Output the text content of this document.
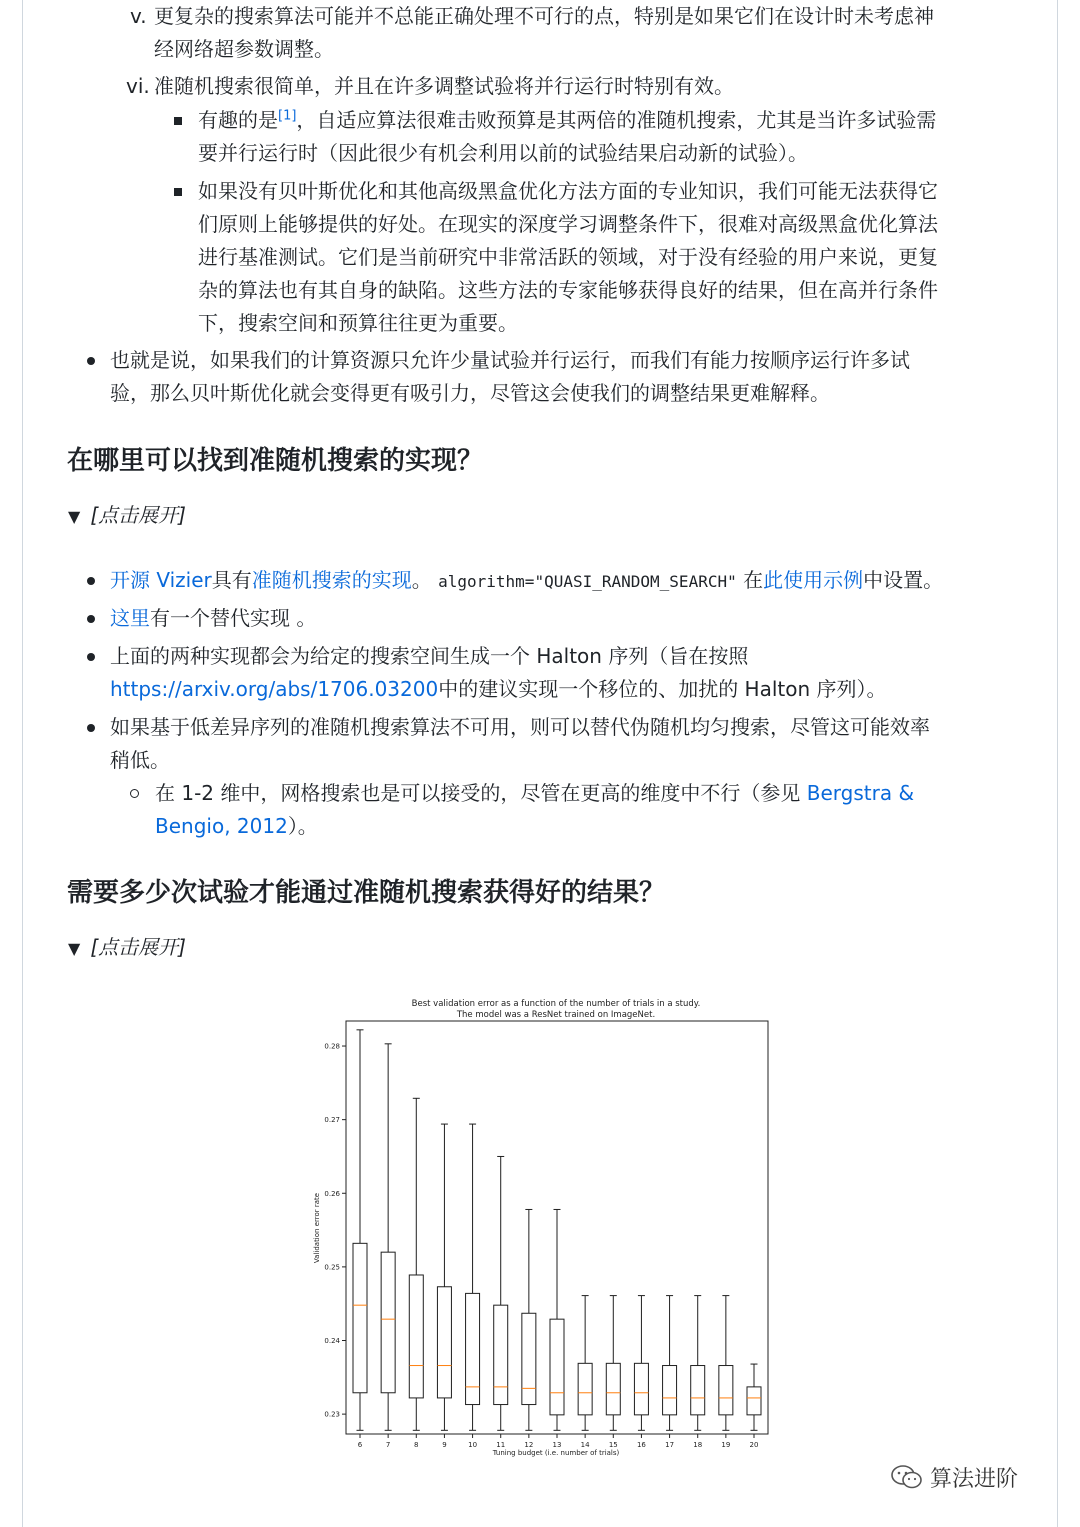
v. 更复杂的搜索算法可能并不总能正确处理不可行的点，特别是如果它们在设计时未考虑神
经网络超参数调整。
vi. 准随机搜索很简单，并且在许多调整试验将并行运行时特别有效。
有趣的是[1]，自适应算法很难击败预算是其两倍的准随机搜索，尤其是当许多试验需
要并行运行时（因此很少有机会利用以前的试验结果启动新的试验）。
如果没有贝叶斯优化和其他高级黑盒优化方法方面的专业知识，我们可能无法获得它
们原则上能够提供的好处。在现实的深度学习调整条件下，很难对高级黑盒优化算法
进行基准测试。它们是当前研究中非常活跃的领域，对于没有经验的用户来说，更复
杂的算法也有其自身的缺陷。这些方法的专家能够获得良好的结果，但在高并行条件
下，搜索空间和预算往往更为重要。
也就是说，如果我们的计算资源只允许少量试验并行运行，而我们有能力按顺序运行许多试
验，那么贝叶斯优化就会变得更有吸引力，尽管这会使我们的调整结果更难解释。
在哪里可以找到准随机搜索的实现？
▼ [点击展开]
开源 Vizier具有准随机搜索的实现。 algorithm="QUASI_RANDOM_SEARCH" 在此使用示例中设置。
这里有一个替代实现 。
上面的两种实现都会为给定的搜索空间生成一个 Halton 序列（旨在按照
https://arxiv.org/abs/1706.03200中的建议实现一个移位的、加扰的 Halton 序列）。
如果基于低差异序列的准随机搜索算法不可用，则可以替代伪随机均匀搜索，尽管这可能效率
稍低。
在 1-2 维中，网格搜索也是可以接受的，尽管在更高的维度中不行（参见 Bergstra &
Bengio, 2012）。
需要多少次试验才能通过准随机搜索获得好的结果？
▼ [点击展开]
Best validation error as a function of the number of trials in a study.
The model was a ResNet trained on ImageNet.
Tuning budget (i.e. number of trials)
Validation error rate
0.23
0.24
0.25
0.26
0.27
0.28
6	7	8	9	10	11	12	13	14	15	16	17	18	19	20
算法进阶
